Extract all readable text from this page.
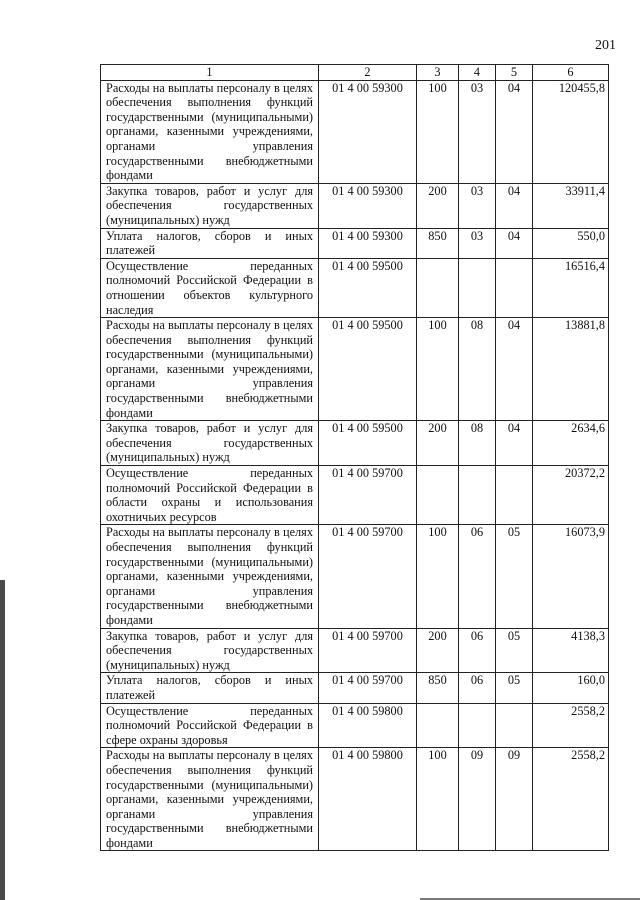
201
1	2	3	4	5	6
Расходы на выплаты персоналу в целях обеспечения выполнения функций государственными (муниципальными) органами, казенными учреждениями, органами управления государственными внебюджетными фондами	01 4 00 59300	100	03	04	120455,8
Закупка товаров, работ и услуг для обеспечения государственных (муниципальных) нужд	01 4 00 59300	200	03	04	33911,4
Уплата налогов, сборов и иных платежей	01 4 00 59300	850	03	04	550,0
Осуществление переданных полномочий Российской Федерации в отношении объектов культурного наследия	01 4 00 59500				16516,4
Расходы на выплаты персоналу в целях обеспечения выполнения функций государственными (муниципальными) органами, казенными учреждениями, органами управления государственными внебюджетными фондами	01 4 00 59500	100	08	04	13881,8
Закупка товаров, работ и услуг для обеспечения государственных (муниципальных) нужд	01 4 00 59500	200	08	04	2634,6
Осуществление переданных полномочий Российской Федерации в области охраны и использования охотничьих ресурсов	01 4 00 59700				20372,2
Расходы на выплаты персоналу в целях обеспечения выполнения функций государственными (муниципальными) органами, казенными учреждениями, органами управления государственными внебюджетными фондами	01 4 00 59700	100	06	05	16073,9
Закупка товаров, работ и услуг для обеспечения государственных (муниципальных) нужд	01 4 00 59700	200	06	05	4138,3
Уплата налогов, сборов и иных платежей	01 4 00 59700	850	06	05	160,0
Осуществление переданных полномочий Российской Федерации в сфере охраны здоровья	01 4 00 59800				2558,2
Расходы на выплаты персоналу в целях обеспечения выполнения функций государственными (муниципальными) органами, казенными учреждениями, органами управления государственными внебюджетными фондами	01 4 00 59800	100	09	09	2558,2
